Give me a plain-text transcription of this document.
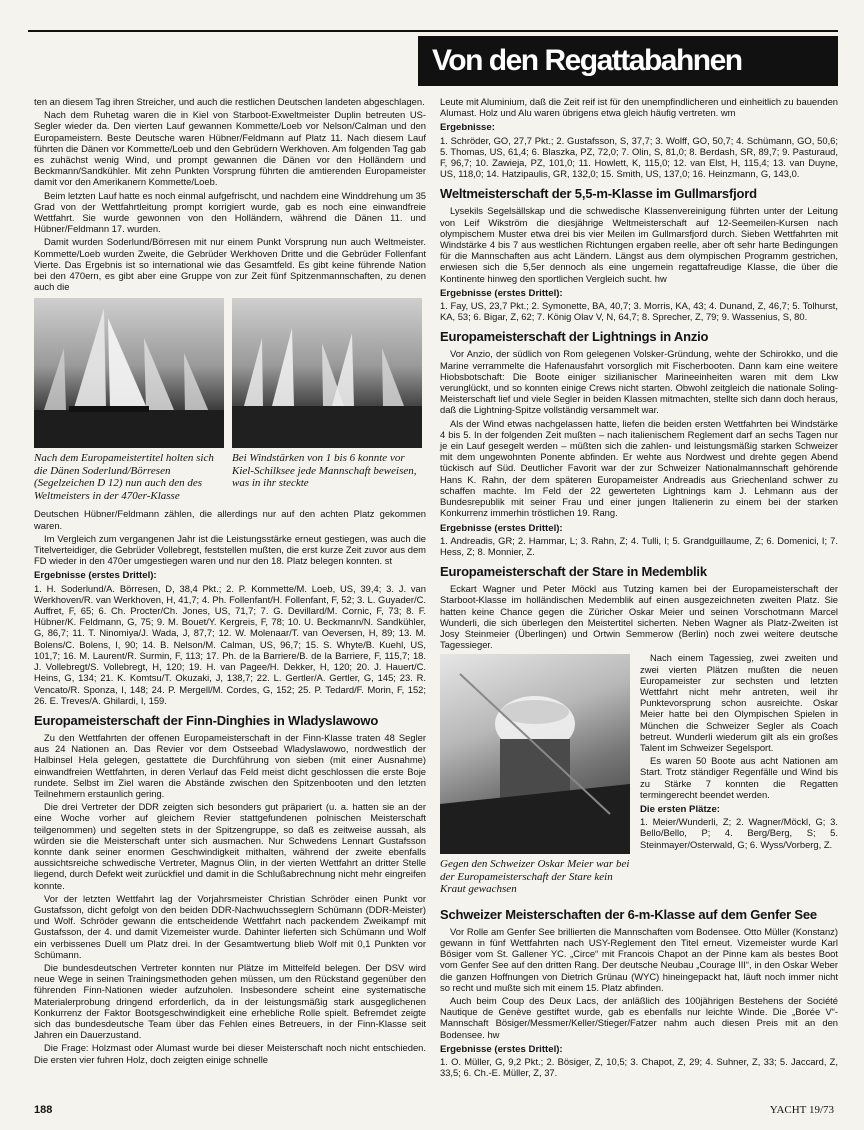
Von den Regattabahnen

ten an diesem Tag ihren Streicher, und auch die restlichen Deutschen landeten abgeschlagen.

Nach dem Ruhetag waren die in Kiel von Starboot-Exweltmeister Duplin betreuten US-Segler wieder da. Den vierten Lauf gewannen Kommette/Loeb vor Nelson/Calman und den Europameistern. Beste Deutsche waren Hübner/Feldmann auf Platz 11. Nach diesem Lauf führten die Dänen vor Kommette/Loeb und den Gebrüdern Werkhoven. Am folgenden Tag gab es zuhächst wenig Wind, und prompt gewannen die Dänen vor den Holländern und Beckmann/Sandkühler. Mit zehn Punkten Vorsprung führten die amtierenden Europameister damit vor den Amerikanern Kommette/Loeb.

Beim letzten Lauf hatte es noch einmal aufgefrischt, und nachdem eine Winddrehung um 35 Grad von der Wettfahrtleitung prompt korrigiert wurde, gab es noch eine einwandfreie Wettfahrt. Sie wurde gewonnen von den Holländern, während die Dänen 11. und Hübner/Feldmann 17. wurden.

Damit wurden Soderlund/Börresen mit nur einem Punkt Vorsprung nun auch Weltmeister. Kommette/Loeb wurden Zweite, die Gebrüder Werkhoven Dritte und die Gebrüder Follenfant Vierte. Das Ergebnis ist so international wie das Gesamtfeld. Es gibt keine führende Nation bei den 470ern, es gibt aber eine Gruppe von zur Zeit fünf Spitzenmannschaften, zu denen auch die

Nach dem Europameistertitel holten sich die Dänen Soderlund/Börresen (Segelzeichen D 12) nun auch den des Weltmeisters in der 470er-Klasse
Bei Windstärken von 1 bis 6 konnte vor Kiel-Schilksee jede Mannschaft beweisen, was in ihr steckte

Deutschen Hübner/Feldmann zählen, die allerdings nur auf den achten Platz gekommen waren.

Im Vergleich zum vergangenen Jahr ist die Leistungsstärke erneut gestiegen, was auch die Titelverteidiger, die Gebrüder Vollebregt, feststellen mußten, die erst kurze Zeit zuvor aus dem FD wieder in den 470er umgestiegen waren und nur den 18. Platz belegen konnten. st

Ergebnisse (erstes Drittel):

1. H. Soderlund/A. Börresen, D, 38,4 Pkt.; 2. P. Kommette/M. Loeb, US, 39,4; 3. J. van Werkhoven/R. van Werkhoven, H, 41,7; 4. Ph. Follenfant/H. Follenfant, F, 52; 3. L. Guyader/C. Auffret, F, 65; 6. Ch. Procter/Ch. Jones, US, 71,7; 7. G. Devillard/M. Cornic, F, 73; 8. F. Hübner/K. Feldmann, G, 75; 9. M. Bouet/Y. Kergreis, F, 78; 10. U. Beckmann/N. Sandkühler, G, 86,7; 11. T. Ninomiya/J. Wada, J, 87,7; 12. W. Molenaar/T. van Oeversen, H, 89; 13. M. Bolens/C. Bolens, I, 90; 14. B. Nelson/M. Calman, US, 96,7; 15. S. Whyte/B. Kuehl, US, 101,7; 16. M. Laurent/R. Surmin, F, 113; 17. Ph. de la Barriere/B. de la Barriere, F, 115,7; 18. J. Vollebregt/S. Vollebregt, H, 120; 19. H. van Pagee/H. Dekker, H, 120; 20. J. Hauert/C. Heins, G, 134; 21. K. Komtsu/T. Okuzaki, J, 138,7; 22. L. Gertler/A. Gertler, G, 145; 23. R. Vencato/R. Sponza, I, 148; 24. P. Mergell/M. Cordes, G, 152; 25. P. Tedard/F. Morin, F, 152; 26. E. Treves/A. Ghilardi, I, 159.

Europameisterschaft der Finn-Dinghies in Wladyslawowo

Zu den Wettfahrten der offenen Europameisterschaft in der Finn-Klasse traten 48 Segler aus 24 Nationen an. Das Revier vor dem Ostseebad Wladyslawowo, nordwestlich der Halbinsel Hela gelegen, gestattete die Durchführung von sieben (mit einer Ausnahme) einwandfreien Wettfahrten, in deren Verlauf das Feld meist dicht geschlossen die erste Boje rundete. Selbst im Ziel waren die Abstände zwischen den Spitzenbooten und den letzten Teilnehmern erstaunlich gering.

Die drei Vertreter der DDR zeigten sich besonders gut präpariert (u. a. hatten sie an der eine Woche vorher auf gleichem Revier stattgefundenen polnischen Meisterschaft teilgenommen) und segelten stets in der Spitzengruppe, so daß es zeitweise aussah, als würden sie die Meisterschaft unter sich ausmachen. Nur Schwedens Lennart Gustafsson konnte dank seiner enormen Geschwindigkeit mithalten, während der zweite ebenfalls aussichtsreiche schwedische Vertreter, Magnus Olin, in der vierten Wettfahrt an dritter Stelle liegend, durch Defekt weit zurückfiel und damit in die Schlußabrechnung nicht mehr eingreifen konnte.

Vor der letzten Wettfahrt lag der Vorjahrsmeister Christian Schröder einen Punkt vor Gustafsson, dicht gefolgt von den beiden DDR-Nachwuchsseglern Schümann (DDR-Meister) und Wolf. Schröder gewann die entscheidende Wettfahrt nach packendem Zweikampf mit Gustafsson, der 4. und damit Vizemeister wurde. Dahinter lieferten sich Schümann und Wolf ein verbissenes Duell um Platz drei. In der Gesamtwertung blieb Wolf mit 0,1 Punkten vor Schümann.

Die bundesdeutschen Vertreter konnten nur Plätze im Mittelfeld belegen. Der DSV wird neue Wege in seinen Trainingsmethoden gehen müssen, um den Rückstand gegenüber den führenden Finn-Nationen wieder aufzuholen. Insbesondere scheint eine systematische Materialerprobung dringend erforderlich, da in der leistungsmäßig stark ausgeglichenen Konkurrenz der Faktor Bootsgeschwindigkeit eine erhebliche Rolle spielt. Befremdet zeigte sich das bundesdeutsche Team über das Fehlen eines Betreuers, in der Finn-Klasse seit Jahren ein Dauerzustand.

Die Frage: Holzmast oder Alumast wurde bei dieser Meisterschaft noch nicht entschieden. Die ersten vier fuhren Holz, doch zeigten einige schnelle

Leute mit Aluminium, daß die Zeit reif ist für den unempfindlicheren und einheitlich zu bauenden Alumast. Holz und Alu waren übrigens etwa gleich häufig vertreten. wm

Ergebnisse:

1. Schröder, GO, 27,7 Pkt.; 2. Gustafsson, S, 37,7; 3. Wolff, GO, 50,7; 4. Schümann, GO, 50,6; 5. Thomas, US, 61,4; 6. Blaszka, PZ, 72,0; 7. Olin, S, 81,0; 8. Berdash, SR, 89,7; 9. Pasturaud, F, 96,7; 10. Zawieja, PZ, 101,0; 11. Howlett, K, 115,0; 12. van Elst, H, 115,4; 13. van Duyne, US, 118,0; 14. Hatzipaulis, GR, 132,0; 15. Smith, US, 137,0; 16. Heinzmann, G, 143,0.

Weltmeisterschaft der 5,5-m-Klasse im Gullmarsfjord

Lysekils Segelsällskap und die schwedische Klassenvereinigung führten unter der Leitung von Leif Wikström die diesjährige Weltmeisterschaft auf 12-Seemeilen-Kursen nach olympischem Muster etwa drei bis vier Meilen im Gullmarsfjord durch. Sieben Wettfahrten mit Windstärke 4 bis 7 aus westlichen Richtungen ergaben reelle, aber oft sehr harte Bedingungen für die Mannschaften aus acht Ländern. Längst aus dem olympischen Programm gestrichen, erwiesen sich die 5,5er dennoch als eine ungemein regattafreudige Klasse, die über die Kontinente hinweg den sportlichen Vergleich sucht. hw

Ergebnisse (erstes Drittel):

1. Fay, US, 23,7 Pkt.; 2. Symonette, BA, 40,7; 3. Morris, KA, 43; 4. Dunand, Z, 46,7; 5. Tolhurst, KA, 53; 6. Bigar, Z, 62; 7. König Olav V, N, 64,7; 8. Sprecher, Z, 79; 9. Wassenius, S, 80.

Europameisterschaft der Lightnings in Anzio

Vor Anzio, der südlich von Rom gelegenen Volsker-Gründung, wehte der Schirokko, und die Marine verrammelte die Hafenausfahrt vorsorglich mit Fischerbooten. Dann kam eine weitere Hiobsbotschaft: Die Boote einiger sizilianischer Marineeinheiten waren mit dem Lkw verunglückt, und so konnten einige Crews nicht starten. Obwohl zeitgleich die nationale Soling-Meisterschaft lief und viele Segler in beiden Klassen mitmachten, stellte sich dann doch heraus, daß die Lightning-Spitze vollständig versammelt war.

Als der Wind etwas nachgelassen hatte, liefen die beiden ersten Wettfahrten bei Windstärke 4 bis 5. In der folgenden Zeit mußten – nach italienischem Reglement darf an sechs Tagen nur je ein Lauf gesegelt werden – müßten sich die zahlen- und leistungsmäßig starken Schweizer mit dem ungewohnten Ponente abfinden. Er wehte aus Nordwest und drehte gegen Abend tückisch auf Süd. Deutlicher Favorit war der zur Schweizer Nationalmannschaft gehörende Hans K. Rahn, der dem späteren Europameister Andreadis aus Griechenland schwer zu schaffen machte. Im Feld der 22 gewerteten Lightnings kam J. Lehmann aus der Bundesrepublik mit seiner Frau und einer jungen Italienerin zu einem bei der starken Konkurrenz immerhin tröstlichen 19. Rang.

Ergebnisse (erstes Drittel):

1. Andreadis, GR; 2. Hammar, L; 3. Rahn, Z; 4. Tulli, I; 5. Grandguillaume, Z; 6. Domenici, I; 7. Hess, Z; 8. Monnier, Z.

Europameisterschaft der Stare in Medemblik

Eckart Wagner und Peter Möckl aus Tutzing kamen bei der Europameisterschaft der Starboot-Klasse im holländischen Medemblik auf einen ausgezeichneten zweiten Platz. Sie hatten keine Chance gegen die Züricher Oskar Meier und seinen Vorschotmann Marcel Wunderli, die sich überlegen den Meistertitel sicherten. Neben Wagner als Platz-Zweiten ist Josy Steinmeier (Überlingen) und Ortwin Semmerow (Berlin) noch zwei weitere deutsche Tagessieger.

Gegen den Schweizer Oskar Meier war bei der Europameisterschaft der Stare kein Kraut gewachsen

Nach einem Tagessieg, zwei zweiten und zwei vierten Plätzen mußten die neuen Europameister zur sechsten und letzten Wettfahrt nicht mehr antreten, weil ihr Punktevorsprung schon ausreichte. Oskar Meier hatte bei den Olympischen Spielen in München die Schweizer Segler als Coach betreut. Wunderli wiederum gilt als ein großes Talent im Schweizer Segelsport.

Es waren 50 Boote aus acht Nationen am Start. Trotz ständiger Regenfälle und Wind bis zu Stärke 7 konnten die Regatten termingerecht beendet werden.

Die ersten Plätze:

1. Meier/Wunderli, Z; 2. Wagner/Möckl, G; 3. Bello/Bello, P; 4. Berg/Berg, S; 5. Steinmayer/Osterwald, G; 6. Wyss/Vorberg, Z.

Schweizer Meisterschaften der 6-m-Klasse auf dem Genfer See

Vor Rolle am Genfer See brillierten die Mannschaften vom Bodensee. Otto Müller (Konstanz) gewann in fünf Wettfahrten nach USY-Reglement den Titel erneut. Vizemeister wurde Karl Bösiger vom St. Gallener YC. „Circe“ mit Francois Chapot an der Pinne kam als bestes Boot vom Genfer See auf den dritten Rang. Der deutsche Neubau „Courage III“, in den Oskar Weber die ganzen Hoffnungen von Dietrich Grünau (WYC) hineingepackt hat, läuft noch immer nicht so recht und mußte sich mit einem 15. Platz abfinden.

Auch beim Coup des Deux Lacs, der anläßlich des 100jährigen Bestehens der Société Nautique de Genève gestiftet wurde, gab es ebenfalls nur leichte Winde. Die „Borée V“-Mannschaft Bösiger/Messmer/Keller/Stieger/Fatzer nahm auch diesen Preis mit an den Bodensee. hw

Ergebnisse (erstes Drittel):

1. O. Müller, G, 9,2 Pkt.; 2. Bösiger, Z, 10,5; 3. Chapot, Z, 29; 4. Suhner, Z, 33; 5. Jaccard, Z, 33,5; 6. Ch.-E. Müller, Z, 37.

188	YACHT 19/73
